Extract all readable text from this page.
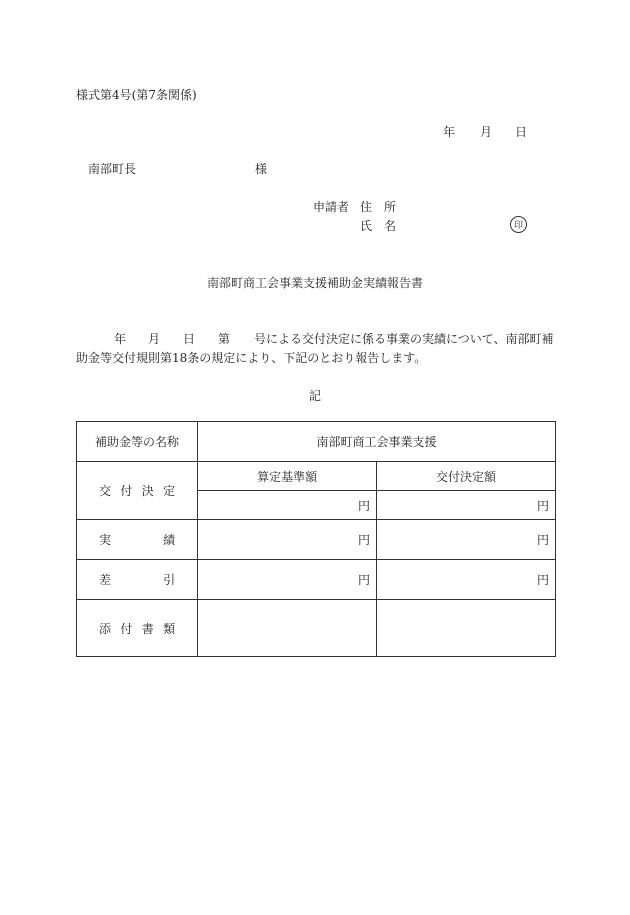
様式第4号(第7条関係)
年 月 日
南部町長	様
申請者 住　所
氏　名	印
南部町商工会事業支援補助金実績報告書
年 月 日 第 号による交付決定に係る事業の実績について、南部町補
助金等交付規則第18条の規定により、下記のとおり報告します。
記
補助金等の名称	南部町商工会事業支援	

交 付 決 定	算定基準額	交付決定額
	円	円

実 績	円	円

差 引	円	円

添 付 書 類		
